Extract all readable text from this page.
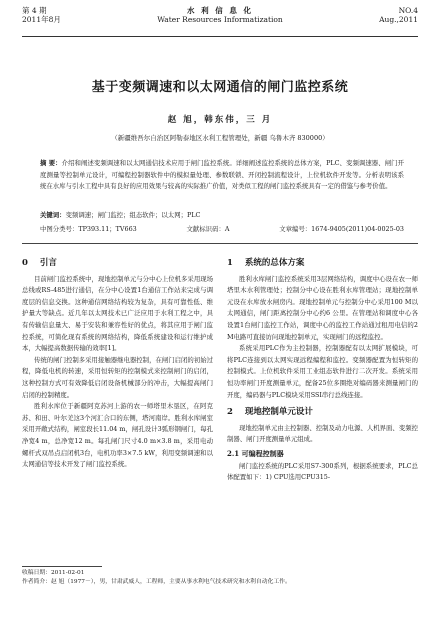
第 4 期
2011年8月
水 利 信 息 化
Water Resources Informatization
NO.4
Aug.,2011
基于变频调速和以太网通信的闸门监控系统
赵 旭，韩东伟，三 月
（新疆维吾尔自治区阿勒泰地区水利工程管理处，新疆 乌鲁木齐 830000）
摘 要：介绍和阐述变频调速和以太网通信技术应用于闸门监控系统。详细阐述监控系统的总体方案，PLC、变频调速器、闸门开度测量等控制单元设计，可编程控制器软件中的模拟量处理、参数联锁、开闭控制流程设计，上位机软件开发等。分析表明该系统在水库与引水工程中具有良好的应用效果与较高的实际推广价值，对类似工程的闸门监控系统具有一定的借鉴与参考价值。
关键词：变频调速；闸门监控；组态软件；以太网；PLC
中图分类号：TP393.11；TV663	文献标识码：A	文章编号：1674-9405(2011)04-0025-03
0 引言

目前闸门监控系统中，现地控制单元与分中心上位机多采用现场总线或RS-485进行通信，在分中心设置1台通信工作站来完成与调度层的信息交换。这种通信网络结构较为复杂，具有可靠性低、维护量大等缺点。近几年以太网技术已广泛应用于水利工程之中，具有传输信息量大、易于安装和兼容性好的优点，将其应用于闸门监控系统，可简化现有系统的网络结构，降低系统建设和运行维护成本，大幅提高数据传输的效率[1]。

传统的闸门控制多采用接触器继电器控制，在闸门启闭的初始过程，降低电机的转速，采用恒转矩的控制模式来控制闸门的启闭，这种控制方式可有效降低启闭设备机械部分的冲击，大幅提高闸门启闭的控制精度。

胜利水库位于新疆阿克苏河上游的农一师塔里木垦区，在阿克苏、和田、叶尔羌这3个河汇合口的东侧，塔河南岸。胜利水库闸室采用开敞式结构，闸室段长11.04 m，闸孔设计3弧形钢闸门，每孔净宽4 m，总净宽12 m。每孔闸门尺寸4.0 m×3.8 m，采用电动螺杆式双吊点启闭机3台，电机功率3×7.5 kW，利用变频调速和以太网通信等技术开发了闸门监控系统。

1 系统的总体方案

胜利水库闸门监控系统采用3层网络结构，调度中心设在农一师塔里木水利管理处；控制分中心设在胜利水库管理站；现地控制单元设在水库放水闸房内。现地控制单元与控制分中心采用100 M以太网通信，闸门距离控制分中心约6 公里。在管理站和调度中心各设置1台闸门监控工作站，调度中心的监控工作站通过租用电信的2 M电路可直接访问现地控制单元，实现闸门的远程监控。

系统采用PLC作为主控制器，控制器配有以太网扩展模块，可将PLC连接到以太网实现远程编程和监控。变频器配置为恒转矩的控制模式。上位机软件采用工业组态软件进行二次开发。系统采用恒功率闸门开度测量单元，配备25位多圈绝对编码器来测量闸门的开度，编码器与PLC模块采用SSI串行总线连接。

2 现地控制单元设计

现地控制单元由主控制器、控制及动力电源、人机界面、变频控制器、闸门开度测量单元组成。

2.1 可编程控制器

闸门监控系统的PLC采用S7-300系列，根据系统要求，PLC总体配置如下：1) CPU选用CPU315-

收稿日期：2011-02-01
作者简介：赵 旭（1977－），男，甘肃武威人，工程师，主要从事水利电气技术研究和水利自动化工作。
